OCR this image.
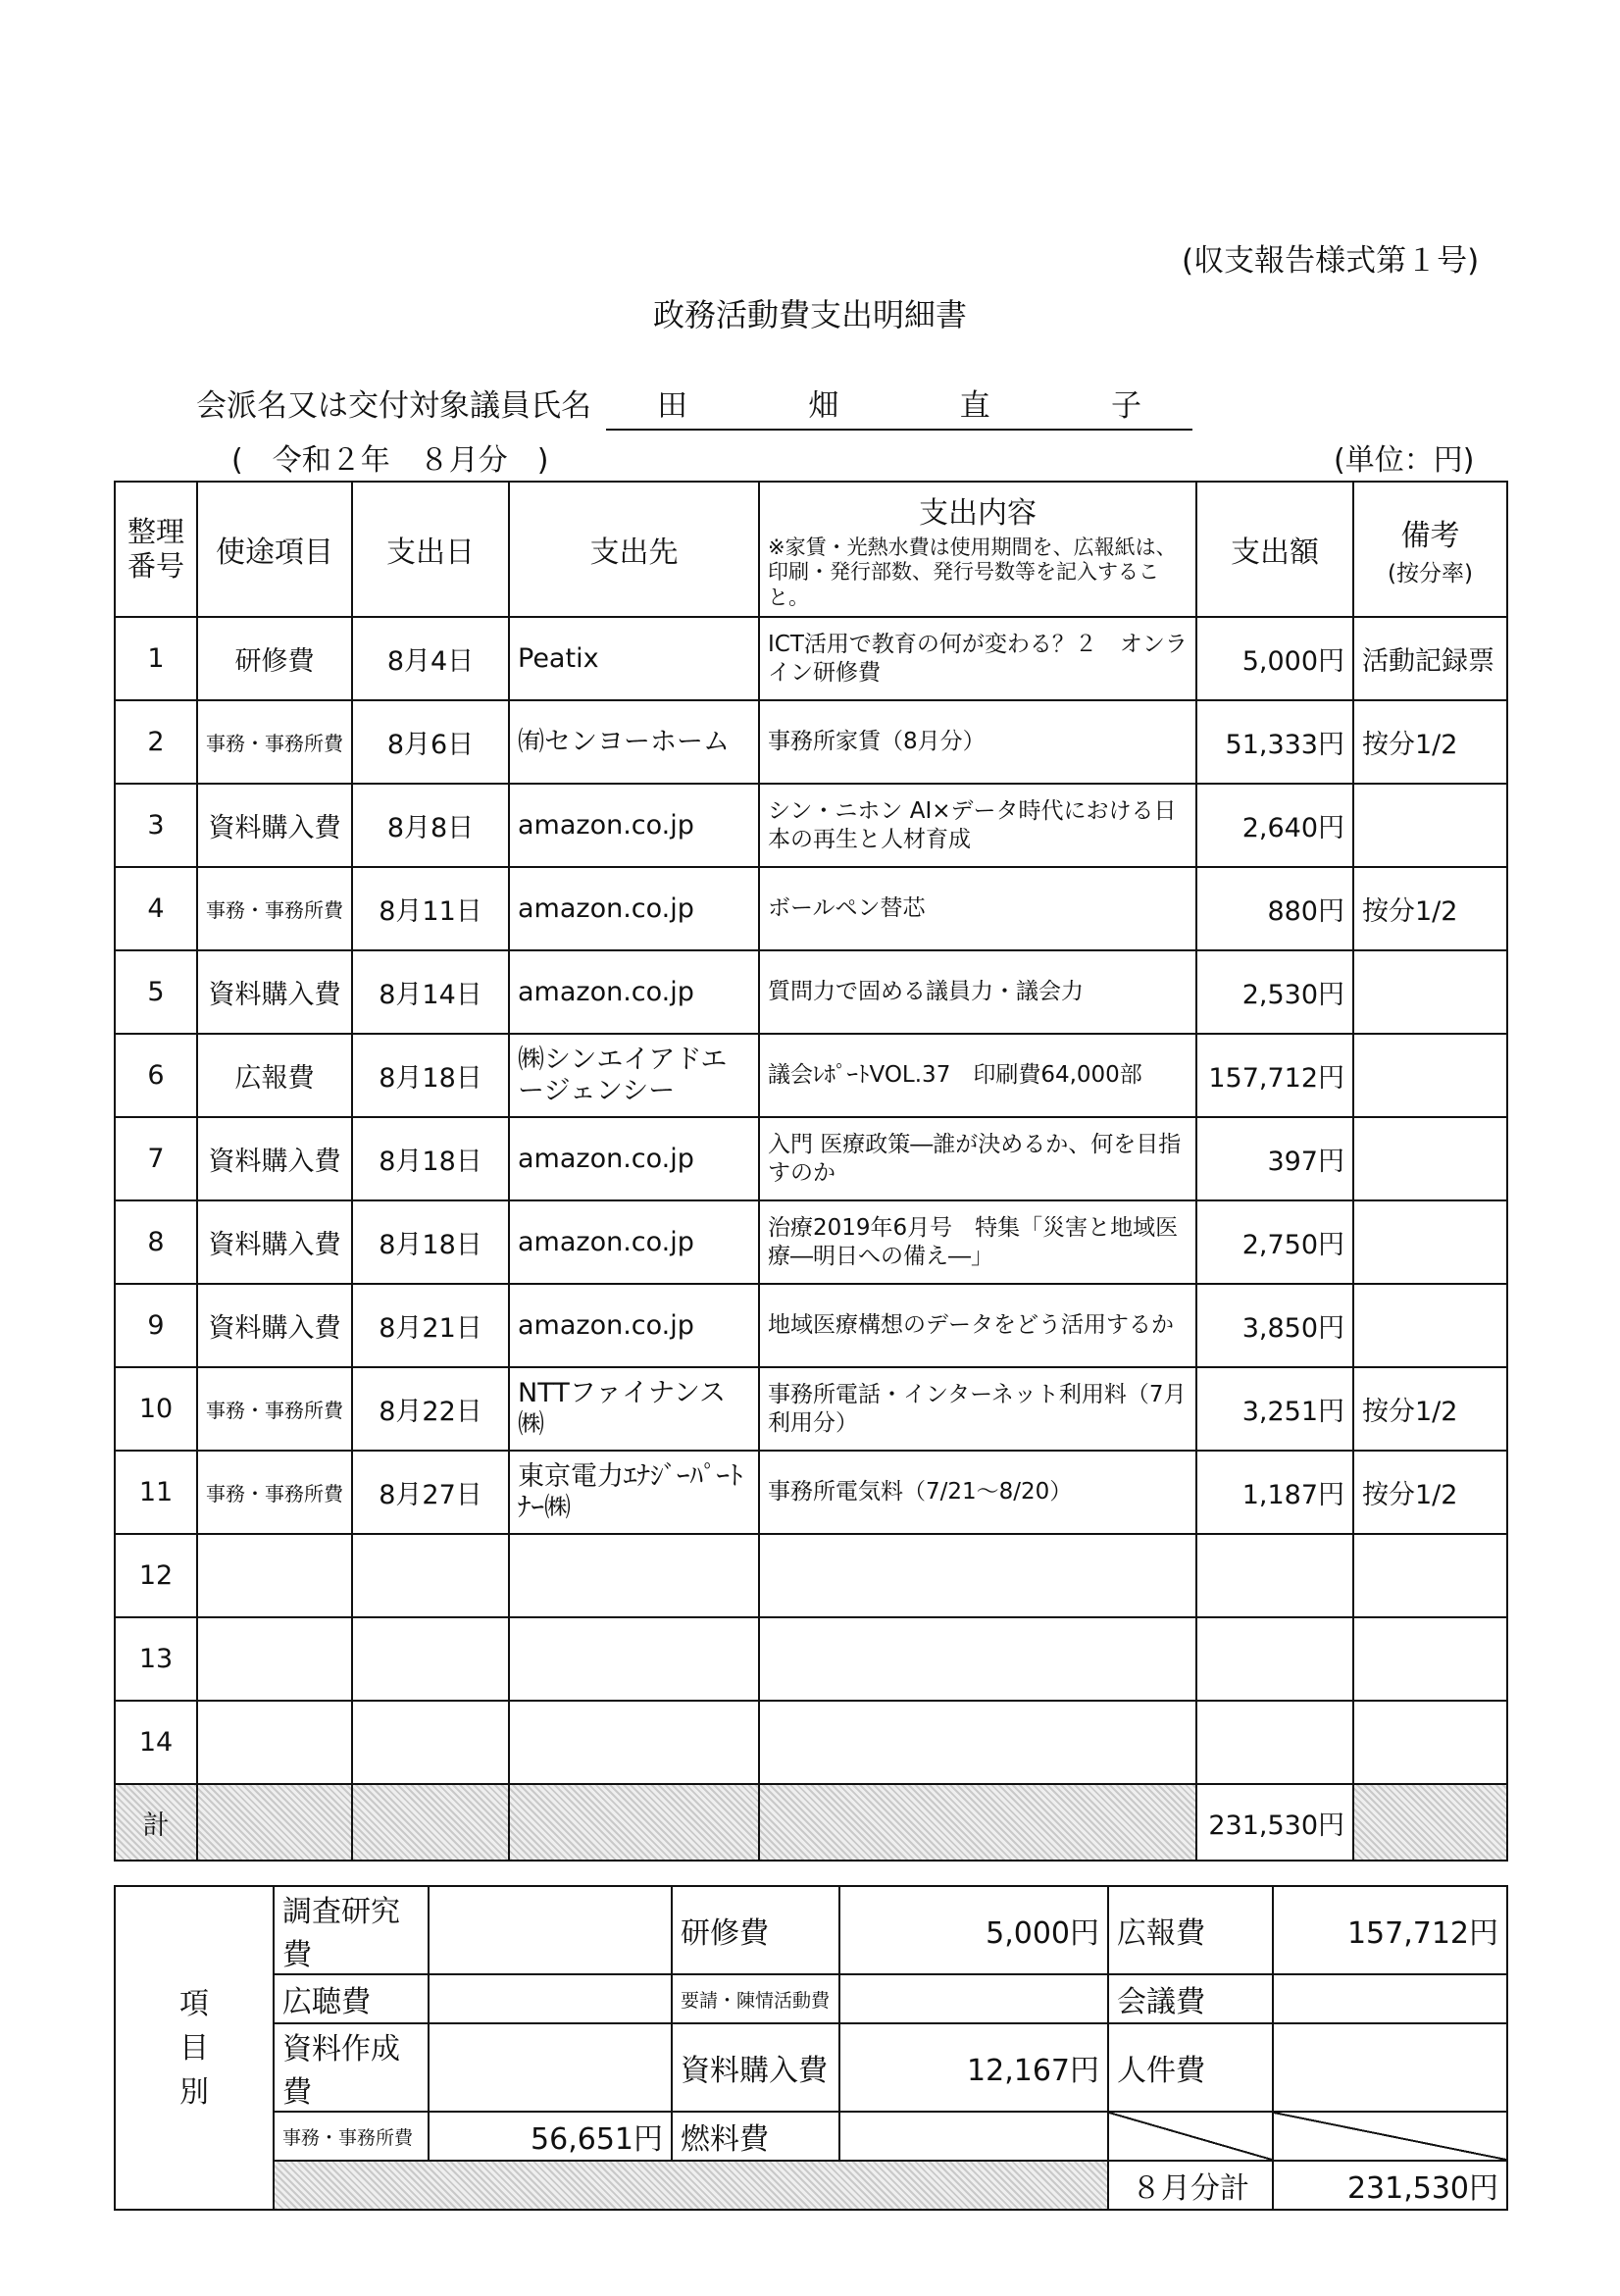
(収支報告様式第１号)
政務活動費支出明細書
会派名又は交付対象議員氏名 田	畑	直	子
(　令和２年　８月分　)	(単位：円)
整理番号	使途項目	支出日	支出先	支出内容
※家賃・光熱水費は使用期間を、広報紙は、印刷・発行部数、発行号数等を記入すること。	支出額	備考
(按分率)
1	研修費	8月4日	Peatix	ICT活用で教育の何が変わる？２　オンライン研修費	5,000円	活動記録票
2	事務・事務所費	8月6日	㈲センヨーホーム	事務所家賃（8月分）	51,333円	按分1/2
3	資料購入費	8月8日	amazon.co.jp	シン・ニホン AI×データ時代における日本の再生と人材育成	2,640円	
4	事務・事務所費	8月11日	amazon.co.jp	ボールペン替芯	880円	按分1/2
5	資料購入費	8月14日	amazon.co.jp	質問力で固める議員力・議会力	2,530円	
6	広報費	8月18日	㈱シンエイアドエージェンシー	議会ﾚﾎﾟｰﾄVOL.37　印刷費64,000部	157,712円	
7	資料購入費	8月18日	amazon.co.jp	入門 医療政策―誰が決めるか、何を目指すのか	397円	
8	資料購入費	8月18日	amazon.co.jp	治療2019年6月号　特集「災害と地域医療―明日への備え―」	2,750円	
9	資料購入費	8月21日	amazon.co.jp	地域医療構想のデータをどう活用するか	3,850円	
10	事務・事務所費	8月22日	NTTファイナンス㈱	事務所電話・インターネット利用料（7月利用分）	3,251円	按分1/2
11	事務・事務所費	8月27日	東京電力ｴﾅｼﾞｰﾊﾟｰﾄﾅｰ㈱	事務所電気料（7/21～8/20）	1,187円	按分1/2
12						
13						
14						
計					231,530円	
項
目
別	調査研究費		研修費	5,000円	広報費	157,712円
	広聴費		要請・陳情活動費		会議費	
	資料作成費		資料購入費	12,167円	人件費	
	事務・事務所費	56,651円	燃料費			
					８月分計	231,530円
